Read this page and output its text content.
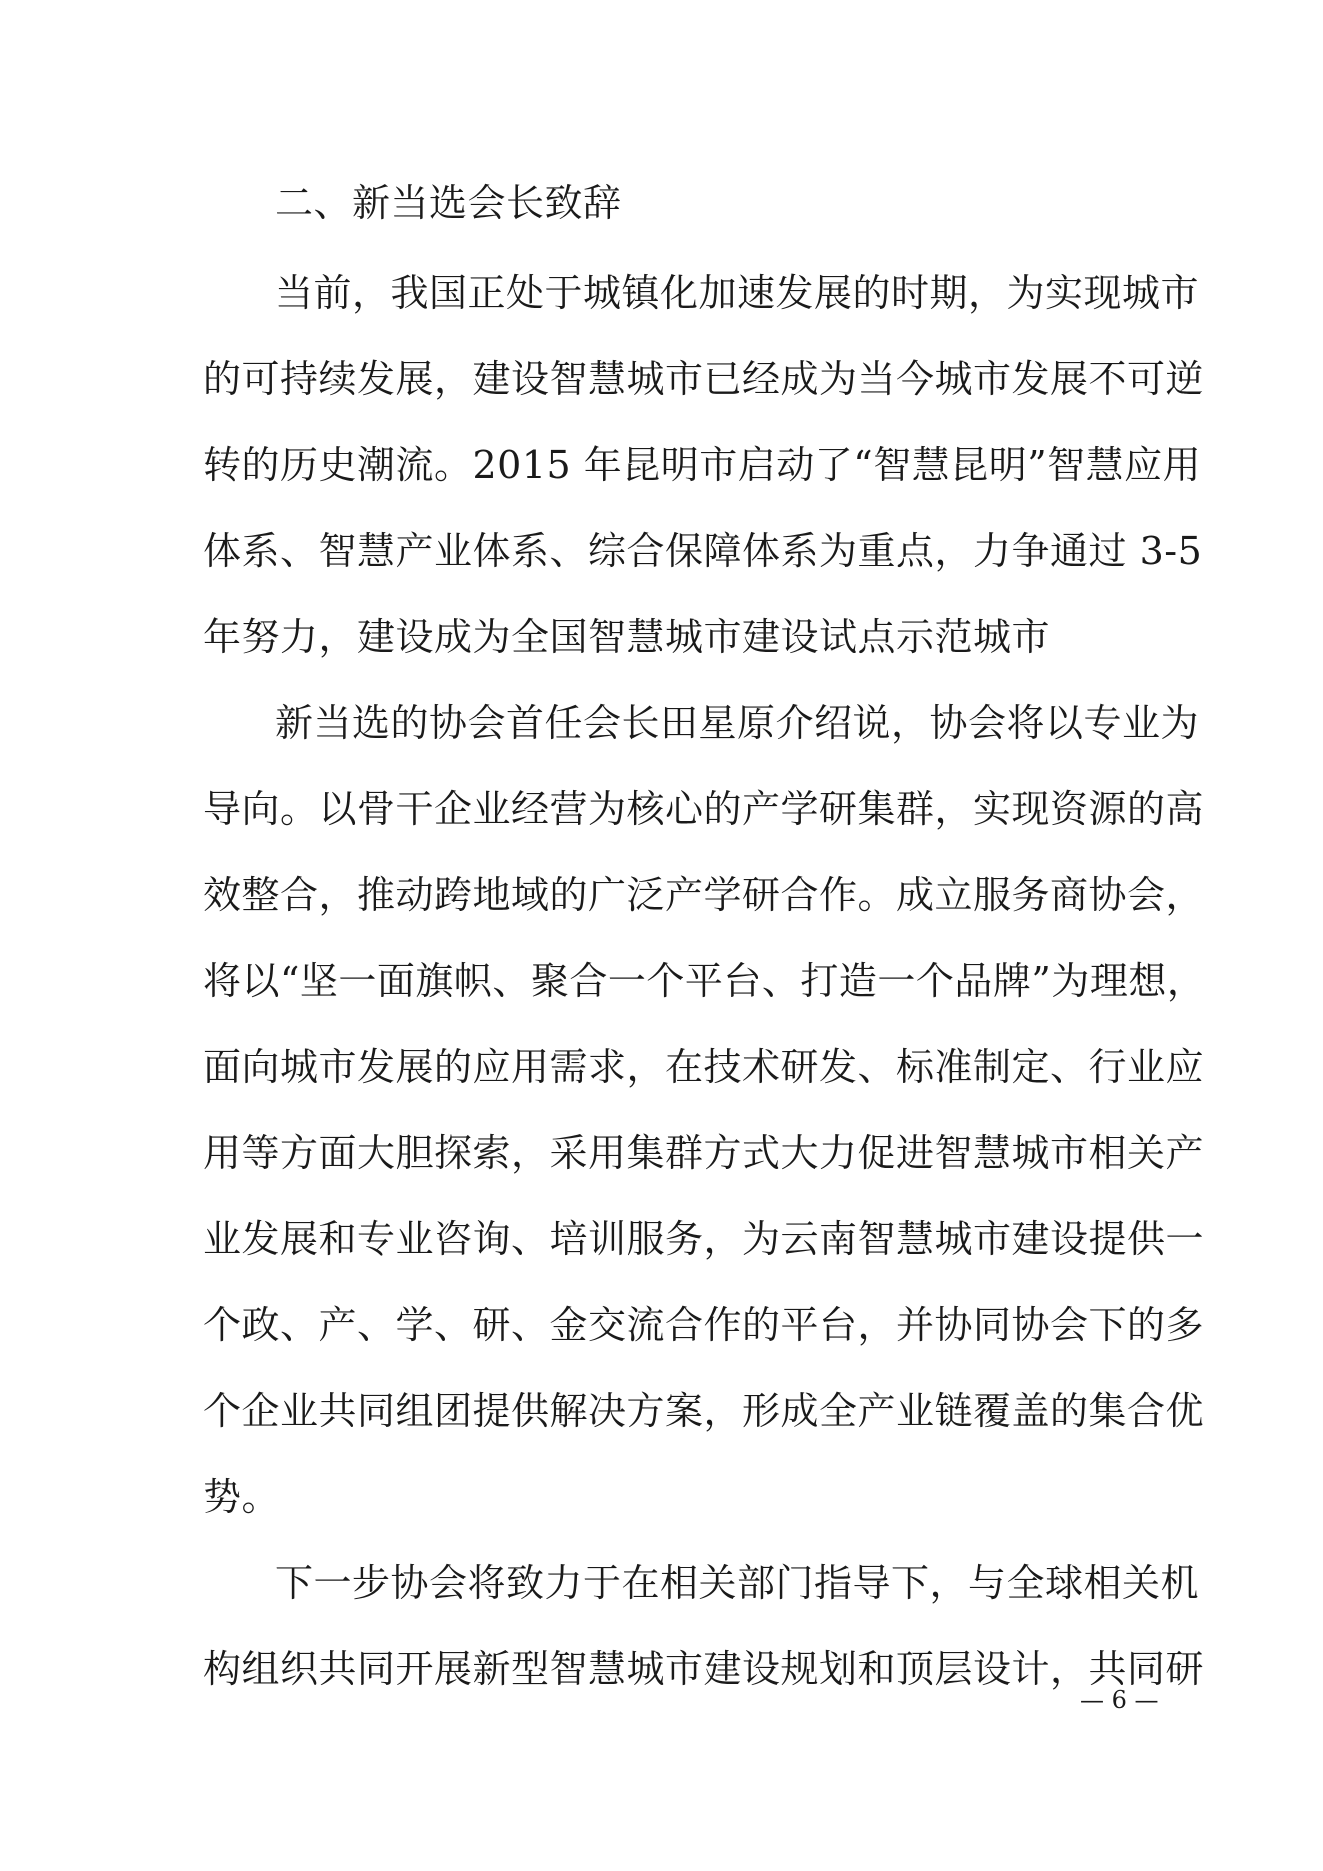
二、新当选会长致辞
当前，我国正处于城镇化加速发展的时期，为实现城市
的可持续发展，建设智慧城市已经成为当今城市发展不可逆
转的历史潮流。2015 年昆明市启动了“智慧昆明”智慧应用
体系、智慧产业体系、综合保障体系为重点，力争通过 3-5
年努力，建设成为全国智慧城市建设试点示范城市
新当选的协会首任会长田星原介绍说，协会将以专业为
导向。以骨干企业经营为核心的产学研集群，实现资源的高
效整合，推动跨地域的广泛产学研合作。成立服务商协会，
将以“坚一面旗帜、聚合一个平台、打造一个品牌”为理想，
面向城市发展的应用需求，在技术研发、标准制定、行业应
用等方面大胆探索，采用集群方式大力促进智慧城市相关产
业发展和专业咨询、培训服务，为云南智慧城市建设提供一
个政、产、学、研、金交流合作的平台，并协同协会下的多
个企业共同组团提供解决方案，形成全产业链覆盖的集合优
势。
下一步协会将致力于在相关部门指导下，与全球相关机
构组织共同开展新型智慧城市建设规划和顶层设计，共同研
— 6 —
